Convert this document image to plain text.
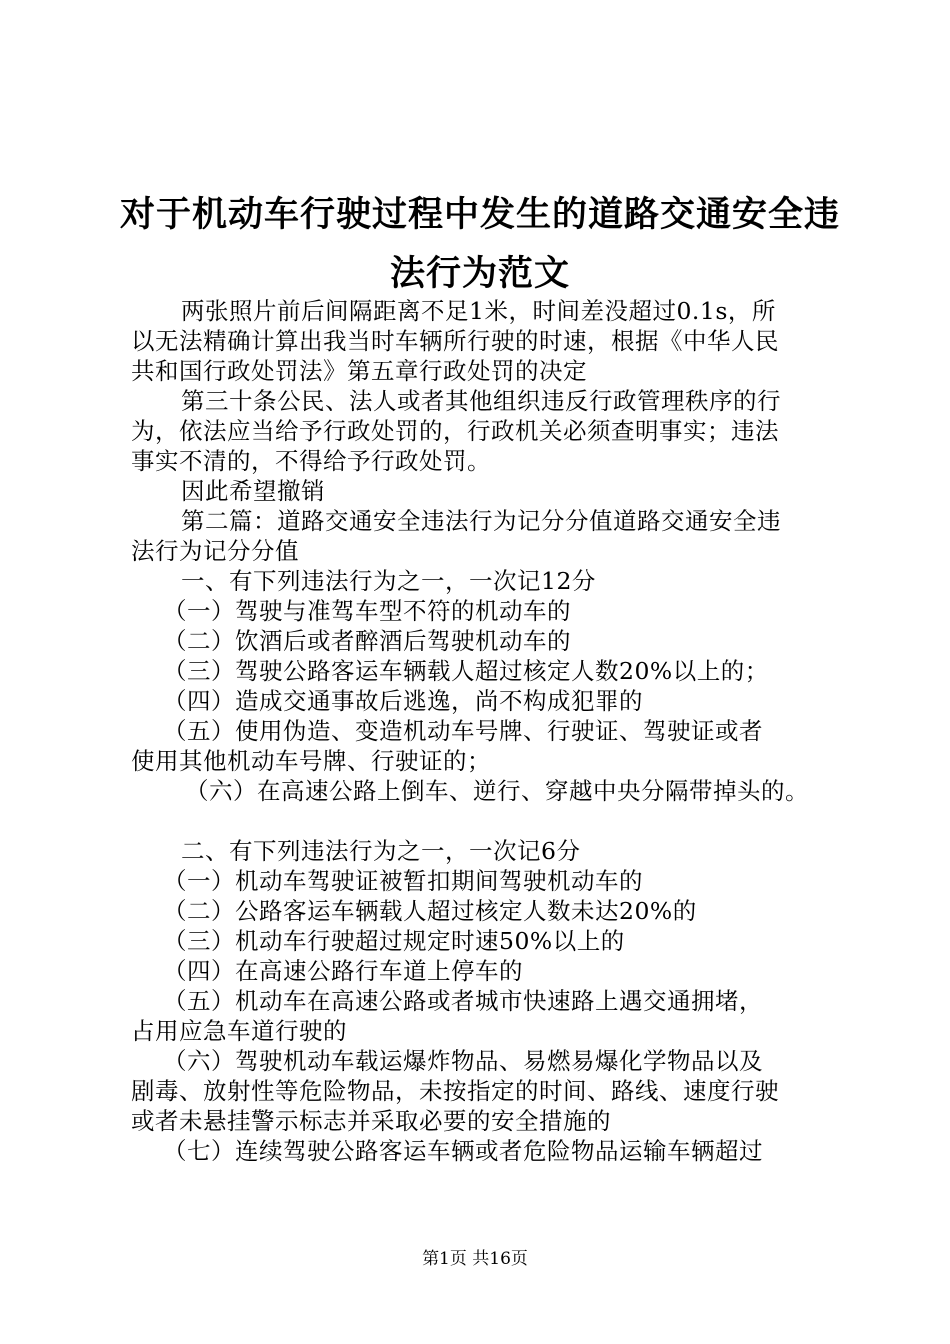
对于机动车行驶过程中发生的道路交通安全违
法行为范文
两张照片前后间隔距离不足1米，时间差没超过0.1s，所
以无法精确计算出我当时车辆所行驶的时速，根据《中华人民
共和国行政处罚法》第五章行政处罚的决定
第三十条公民、法人或者其他组织违反行政管理秩序的行
为，依法应当给予行政处罚的，行政机关必须查明事实；违法
事实不清的，不得给予行政处罚。
因此希望撤销
第二篇：道路交通安全违法行为记分分值道路交通安全违
法行为记分分值
一、有下列违法行为之一，一次记12分
（一）驾驶与准驾车型不符的机动车的
（二）饮酒后或者醉酒后驾驶机动车的
（三）驾驶公路客运车辆载人超过核定人数20%以上的；
（四）造成交通事故后逃逸，尚不构成犯罪的
（五）使用伪造、变造机动车号牌、行驶证、驾驶证或者
使用其他机动车号牌、行驶证的；
（六）在高速公路上倒车、逆行、穿越中央分隔带掉头的。
二、有下列违法行为之一，一次记6分
（一）机动车驾驶证被暂扣期间驾驶机动车的
（二）公路客运车辆载人超过核定人数未达20%的
（三）机动车行驶超过规定时速50%以上的
（四）在高速公路行车道上停车的
（五）机动车在高速公路或者城市快速路上遇交通拥堵，
占用应急车道行驶的
（六）驾驶机动车载运爆炸物品、易燃易爆化学物品以及
剧毒、放射性等危险物品，未按指定的时间、路线、速度行驶
或者未悬挂警示标志并采取必要的安全措施的
（七）连续驾驶公路客运车辆或者危险物品运输车辆超过
第1页 共16页
